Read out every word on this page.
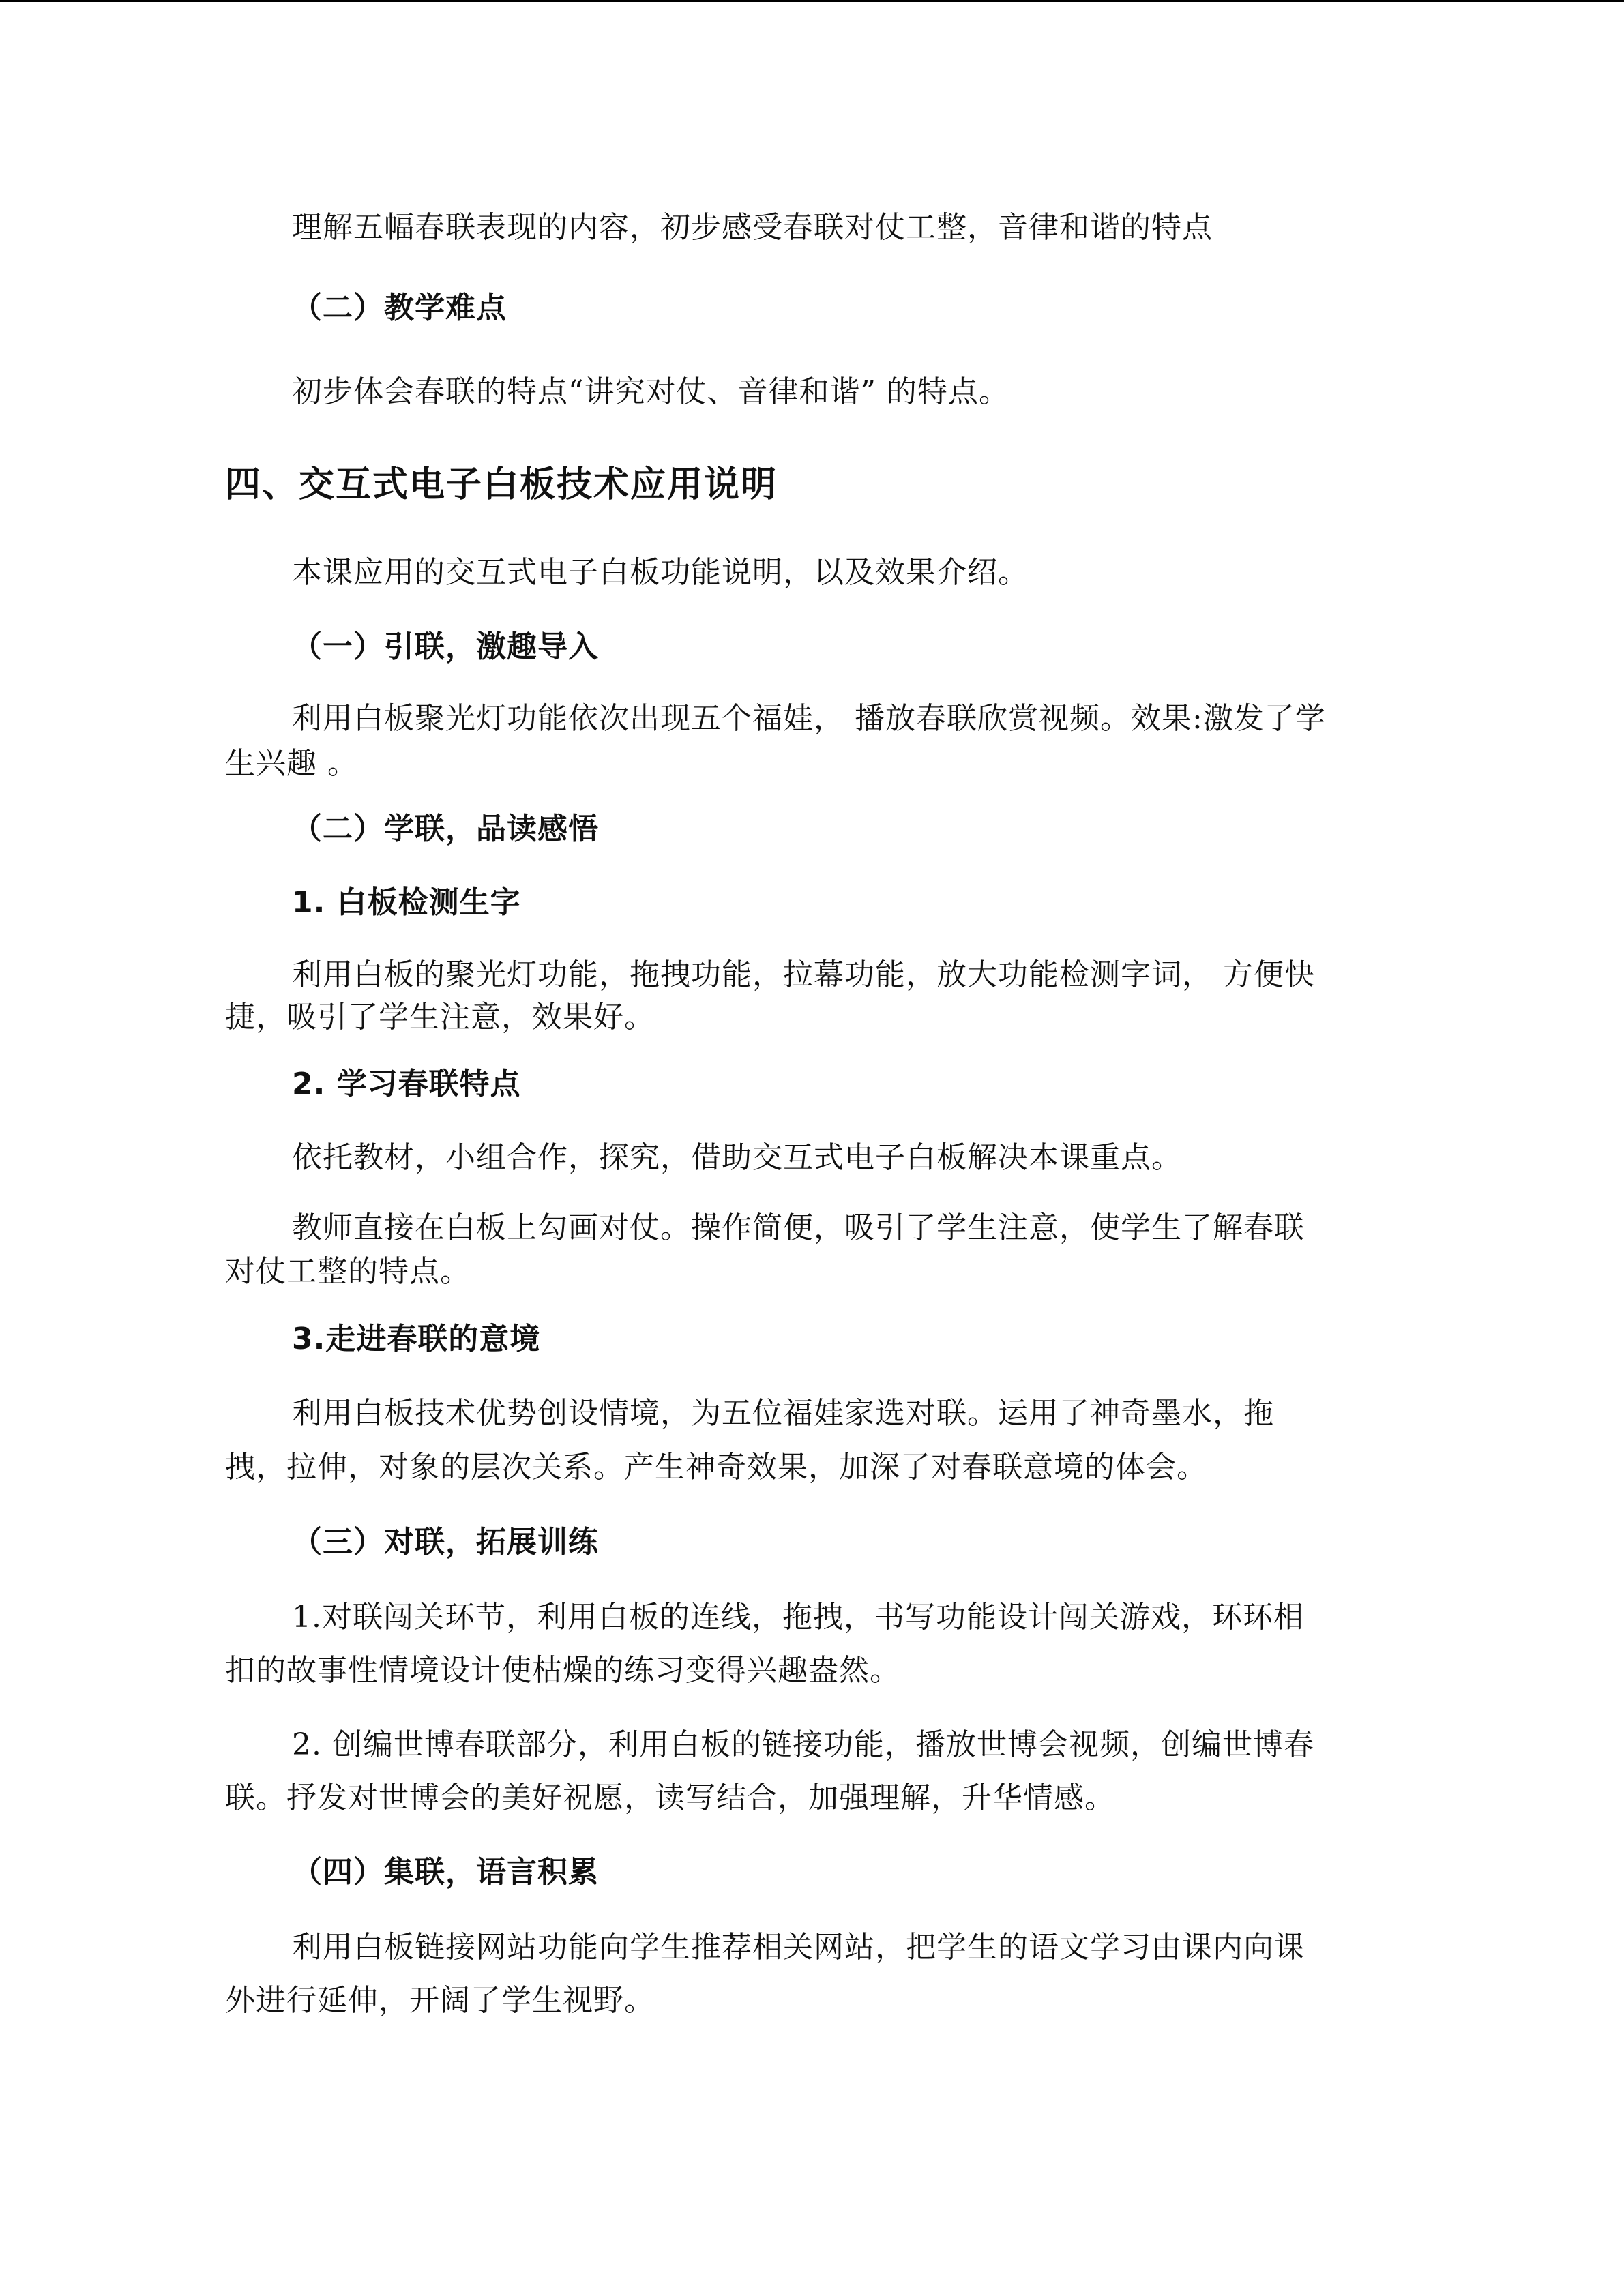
理解五幅春联表现的内容，初步感受春联对仗工整，音律和谐的特点
（二）教学难点
初步体会春联的特点“讲究对仗、音律和谐” 的特点。
四、交互式电子白板技术应用说明
本课应用的交互式电子白板功能说明，以及效果介绍。
（一）引联，激趣导入
利用白板聚光灯功能依次出现五个福娃， 播放春联欣赏视频。效果:激发了学
生兴趣 。
（二）学联，品读感悟
1. 白板检测生字
利用白板的聚光灯功能，拖拽功能，拉幕功能，放大功能检测字词， 方便快
捷，吸引了学生注意，效果好。
2. 学习春联特点
依托教材，小组合作，探究，借助交互式电子白板解决本课重点。
教师直接在白板上勾画对仗。操作简便，吸引了学生注意，使学生了解春联
对仗工整的特点。
3.走进春联的意境
利用白板技术优势创设情境，为五位福娃家选对联。运用了神奇墨水，拖
拽，拉伸，对象的层次关系。产生神奇效果，加深了对春联意境的体会。
（三）对联，拓展训练
1.对联闯关环节，利用白板的连线，拖拽，书写功能设计闯关游戏，环环相
扣的故事性情境设计使枯燥的练习变得兴趣盎然。
2. 创编世博春联部分，利用白板的链接功能，播放世博会视频，创编世博春
联。抒发对世博会的美好祝愿，读写结合，加强理解，升华情感。
（四）集联，语言积累
利用白板链接网站功能向学生推荐相关网站，把学生的语文学习由课内向课
外进行延伸，开阔了学生视野。
